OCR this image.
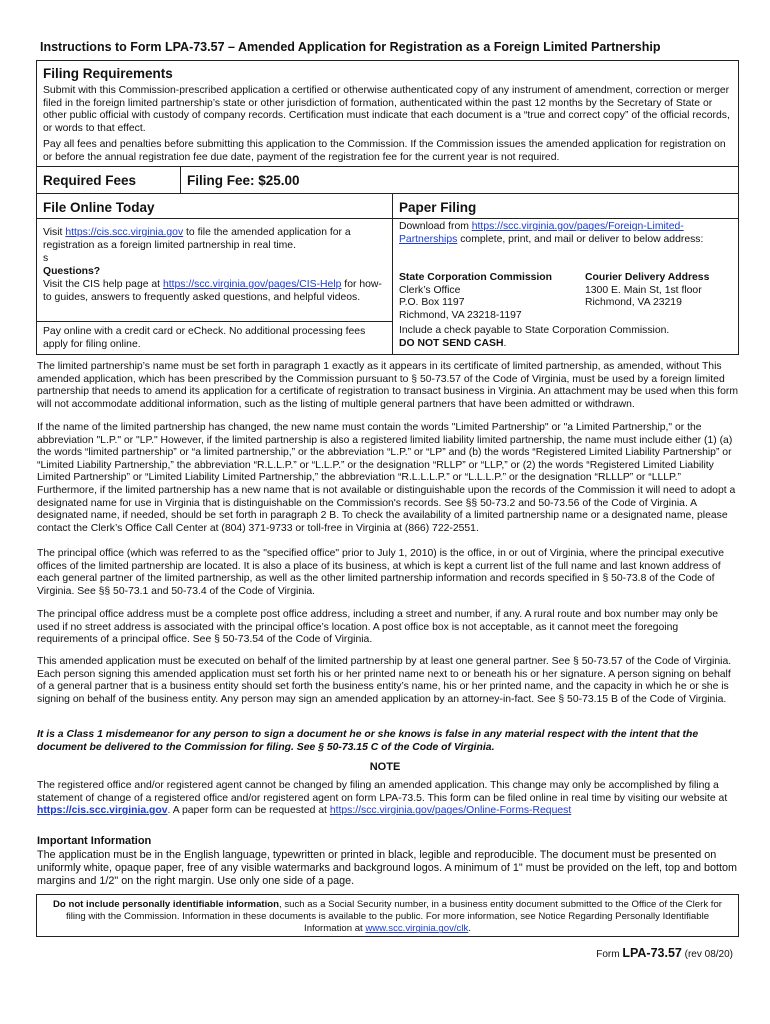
Instructions to Form LPA-73.57 – Amended Application for Registration as a Foreign Limited Partnership
Filing Requirements
Submit with this Commission-prescribed application a certified or otherwise authenticated copy of any instrument of amendment, correction or merger filed in the foreign limited partnership’s state or other jurisdiction of formation, authenticated within the past 12 months by the Secretary of State or other public official with custody of company records. Certification must indicate that each document is a “true and correct copy” of the official records, or words to that effect.
Pay all fees and penalties before submitting this application to the Commission. If the Commission issues the amended application for registration on or before the annual registration fee due date, payment of the registration fee for the current year is not required.
Required Fees	Filing Fee: $25.00
File Online Today
Visit https://cis.scc.virginia.gov to file the amended application for a registration as a foreign limited partnership in real time.
s
Questions?
Visit the CIS help page at https://scc.virginia.gov/pages/CIS-Help for how-to guides, answers to frequently asked questions, and helpful videos.
Pay online with a credit card or eCheck. No additional processing fees apply for filing online.
Paper Filing
Download from https://scc.virginia.gov/pages/Foreign-Limited-Partnerships complete, print, and mail or deliver to below address:
State Corporation Commission
Clerk’s Office
P.O. Box 1197
Richmond, VA 23218-1197
Courier Delivery Address
1300 E. Main St, 1st floor
Richmond, VA 23219
Include a check payable to State Corporation Commission.
DO NOT SEND CASH.
The limited partnership’s name must be set forth in paragraph 1 exactly as it appears in its certificate of limited partnership, as amended, without This amended application, which has been prescribed by the Commission pursuant to § 50-73.57 of the Code of Virginia, must be used by a foreign limited partnership that needs to amend its application for a certificate of registration to transact business in Virginia. An attachment may be used when this form will not accommodate additional information, such as the listing of multiple general partners that have been admitted or withdrawn.
If the name of the limited partnership has changed, the new name must contain the words "Limited Partnership" or "a Limited Partnership," or the abbreviation "L.P." or "LP." However, if the limited partnership is also a registered limited liability limited partnership, the name must include either (1) (a) the words “limited partnership” or “a limited partnership,” or the abbreviation “L.P.” or “LP” and (b) the words “Registered Limited Liability Partnership” or “Limited Liability Partnership,” the abbreviation “R.L.L.P.” or “L.L.P.” or the designation “RLLP” or “LLP,” or (2) the words “Registered Limited Liability Limited Partnership” or “Limited Liability Limited Partnership,” the abbreviation “R.L.L.L.P.” or “L.L.L.P.” or the designation “RLLLP” or “LLLP.” Furthermore, if the limited partnership has a new name that is not available or distinguishable upon the records of the Commission it will need to adopt a designated name for use in Virginia that is distinguishable on the Commission's records. See §§ 50-73.2 and 50-73.56 of the Code of Virginia. A designated name, if needed, should be set forth in paragraph 2 B. To check the availability of a limited partnership name or a designated name, please contact the Clerk’s Office Call Center at (804) 371-9733 or toll-free in Virginia at (866) 722-2551.
The principal office (which was referred to as the "specified office" prior to July 1, 2010) is the office, in or out of Virginia, where the principal executive offices of the limited partnership are located. It is also a place of its business, at which is kept a current list of the full name and last known address of each general partner of the limited partnership, as well as the other limited partnership information and records specified in § 50-73.8 of the Code of Virginia. See §§ 50-73.1 and 50-73.4 of the Code of Virginia.
The principal office address must be a complete post office address, including a street and number, if any. A rural route and box number may only be used if no street address is associated with the principal office’s location. A post office box is not acceptable, as it cannot meet the foregoing requirements of a principal office. See § 50-73.54 of the Code of Virginia.
This amended application must be executed on behalf of the limited partnership by at least one general partner. See § 50-73.57 of the Code of Virginia. Each person signing this amended application must set forth his or her printed name next to or beneath his or her signature. A person signing on behalf of a general partner that is a business entity should set forth the business entity’s name, his or her printed name, and the capacity in which he or she is signing on behalf of the business entity. Any person may sign an amended application by an attorney-in-fact. See § 50-73.15 B of the Code of Virginia.
It is a Class 1 misdemeanor for any person to sign a document he or she knows is false in any material respect with the intent that the document be delivered to the Commission for filing. See § 50-73.15 C of the Code of Virginia.
NOTE
The registered office and/or registered agent cannot be changed by filing an amended application. This change may only be accomplished by filing a statement of change of a registered office and/or registered agent on form LPA-73.5. This form can be filed online in real time by visiting our website at https://cis.scc.virginia.gov. A paper form can be requested at https://scc.virginia.gov/pages/Online-Forms-Request
Important Information
The application must be in the English language, typewritten or printed in black, legible and reproducible. The document must be presented on uniformly white, opaque paper, free of any visible watermarks and background logos. A minimum of 1" must be provided on the left, top and bottom margins and 1/2" on the right margin. Use only one side of a page.
Do not include personally identifiable information, such as a Social Security number, in a business entity document submitted to the Office of the Clerk for filing with the Commission. Information in these documents is available to the public. For more information, see Notice Regarding Personally Identifiable Information at www.scc.virginia.gov/clk.
Form LPA-73.57 (rev 08/20)
